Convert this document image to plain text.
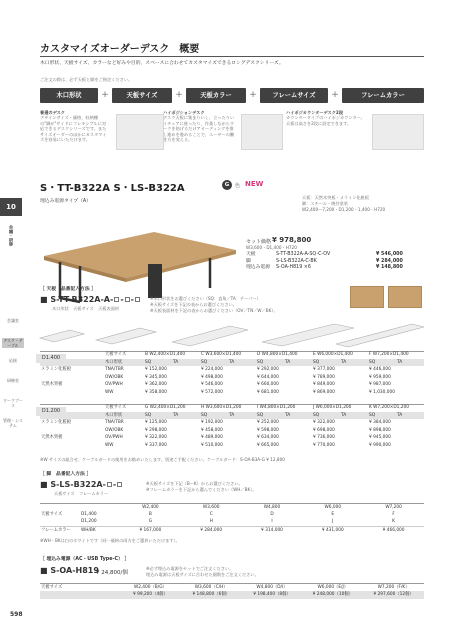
カスタマイズオーダーデスク　概要
木口形状、天板サイズ、カラーなど好みや目的、スペースに合わせてカスタマイズできるロングデスクシリーズ。
ご注文の際は、必ず天板と脚をご指定ください。
木口形状	+	天板サイズ	+	天板カラー	+	フレームサイズ	+	フレームカラー
普通のデスク
デザインサイズ・価格、収納棚の"脚が"サイドにフレキシブルに対応できるデスクシリーズです。またサイズオーダーのほかにカスタマイズを容易にいただけます。
ハイポジションデスク
デスク天板に集まりいし、立ったりいイチェアに座ったり、作業しながらワークを妨げるだけアオーディングを推し進めを進めることで、ユーザーの働き方を変える。
ハイポジカウンターデスク2段
カウンタータイプのハイポジカウンター。天板は高さを2段に設定できます。
10
会議・研修
会議室
デスク・テーブル
応接
研修室
ワークブース
管理・システム
S・TT-B322A S・LS-B322A	G	色 NEW
埋込み電源タイプ（A）
天板：天然木突板・メラミン化粧板
脚：スチール・焼付塗装
W2,400～7,200・D1,200・1,400・H720
セット価格 ¥ 978,800
W3,600・D1,400・H720
天板	S-TT-B322A-A-SQ-C-OV	¥ 546,000
脚	S-LS-B322A-C-BK	¥ 284,000
埋込み電源 S-OA-H819 ×6	¥ 148,800
［ 天板　品番記入方法 ］
■ S-TT-B322A-A- - -
木口形状 天板サイズ 天板表面材
※木口形状をお選びください（SQ：直角／TA：テーパー）
※天板サイズを下記の表からお選びください。
※天板表面材を下記の表からお選びください（OV／TN／W／BK）。
D1,400
	天板サイズ	B W2,400×D1,400		C W3,600×D1,400		D W4,800×D1,400		E W6,000×D1,400		F W7,200×D1,400	
	木口形状	SQ	TA	SQ	TA	SQ	TA	SQ	TA	SQ	TA
メラミン化粧板	TNA/TBR	¥ 152,000		¥ 224,000		¥ 292,000		¥ 377,000		¥ 446,000	
	OW/OBK	¥ 345,000		¥ 498,000		¥ 644,000		¥ 789,000		¥ 959,000	
天然木突板	OV/PWH	¥ 362,000		¥ 546,000		¥ 660,000		¥ 849,000		¥ 987,000	
	WW	¥ 358,000		¥ 572,000		¥ 681,000		¥ 869,000		¥ 1,030,000	
D1,200
	天板サイズ	G W2,400×D1,200		H W3,600×D1,200		I W4,800×D1,200		J W6,000×D1,200		K W7,200×D1,200	
	木口形状	SQ	TA	SQ	TA	SQ	TA	SQ	TA	SQ	TA
メラミン化粧板	TNA/TBR	¥ 125,000		¥ 192,000		¥ 252,000		¥ 322,000		¥ 384,000	
	OW/OBK	¥ 298,000		¥ 458,000		¥ 598,000		¥ 698,000		¥ 898,000	
天然木突板	OV/PWH	¥ 322,000		¥ 489,000		¥ 634,000		¥ 736,000		¥ 945,000	
	WW	¥ 337,000		¥ 510,000		¥ 665,000		¥ 770,000		¥ 990,000	
※W サイズの組合せ、ケーブルガードの使用をお勧めいたします。別途ご手配ください。ケーブルガード：S-OA-B3A-G ¥ 12,800
［ 脚　品番記入方法 ］
■ S-LS-B322A- -
天板サイズ フレームカラー
※天板サイズを下記（B～K）からお選びください。
※フレームカラーを下記から選んでください（WH／BK）。
		W2,400	W3,600	W4,800	W6,000	W7,200
天板サイズ	D1,400	B	C	D	E	F
	D1,200	G	H	I	J	K
フレームカラー	WH/BK	¥ 167,000	¥ 284,000	¥ 314,000	¥ 431,000	¥ 466,000
※WH・BKは白のホワイトです（同一価格の両方をご選択いただけます）。
［ 埋込み電源（AC・USB Type-C） ］
■ S-OA-H819
¥ 24,800/個
※必ず埋込み電源をセットでご注文ください。
埋込み電源は天板サイズに合わせた個数をご注文ください。
天板サイズ	W2,400（B/G）	W3,600（C/H）	W4,800（D/I）	W6,000（E/J）	W7,200（F/K）
	¥ 99,200（4個）	¥ 148,800（6個）	¥ 198,400（8個）	¥ 248,000（10個）	¥ 297,600（12個）
598
